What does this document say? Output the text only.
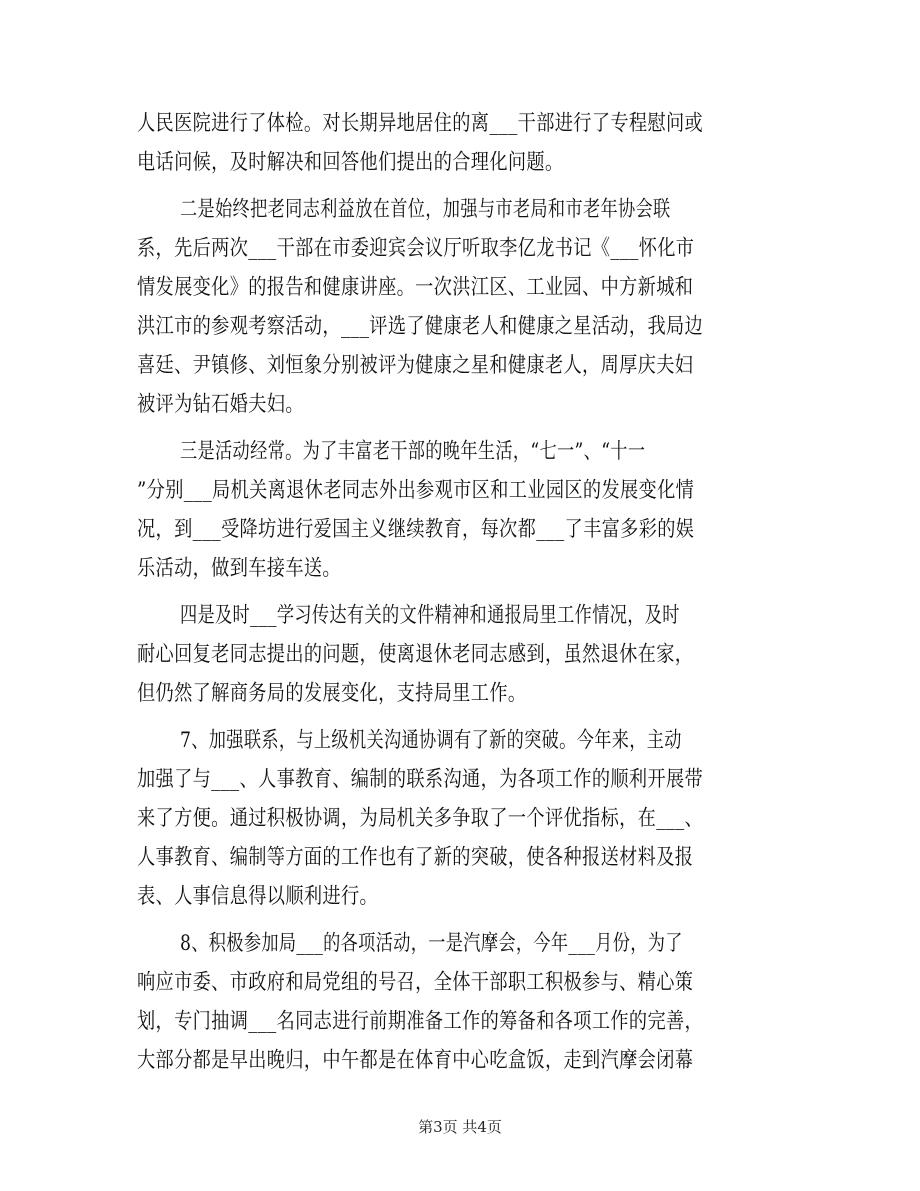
人民医院进行了体检。对长期异地居住的离___干部进行了专程慰问或
电话问候，及时解决和回答他们提出的合理化问题。
二是始终把老同志利益放在首位，加强与市老局和市老年协会联
系，先后两次___干部在市委迎宾会议厅听取李亿龙书记《___怀化市
情发展变化》的报告和健康讲座。一次洪江区、工业园、中方新城和
洪江市的参观考察活动，___评选了健康老人和健康之星活动，我局边
喜廷、尹镇修、刘恒象分别被评为健康之星和健康老人，周厚庆夫妇
被评为钻石婚夫妇。
三是活动经常。为了丰富老干部的晚年生活，“七一”、“十一
”分别___局机关离退休老同志外出参观市区和工业园区的发展变化情
况，到___受降坊进行爱国主义继续教育，每次都___了丰富多彩的娱
乐活动，做到车接车送。
四是及时___学习传达有关的文件精神和通报局里工作情况，及时
耐心回复老同志提出的问题，使离退休老同志感到，虽然退休在家，
但仍然了解商务局的发展变化，支持局里工作。
7、加强联系，与上级机关沟通协调有了新的突破。今年来，主动
加强了与___、人事教育、编制的联系沟通，为各项工作的顺利开展带
来了方便。通过积极协调，为局机关多争取了一个评优指标，在___、
人事教育、编制等方面的工作也有了新的突破，使各种报送材料及报
表、人事信息得以顺利进行。
8、积极参加局___的各项活动，一是汽摩会，今年___月份，为了
响应市委、市政府和局党组的号召，全体干部职工积极参与、精心策
划，专门抽调___名同志进行前期准备工作的筹备和各项工作的完善，
大部分都是早出晚归，中午都是在体育中心吃盒饭，走到汽摩会闭幕
第3页 共4页
